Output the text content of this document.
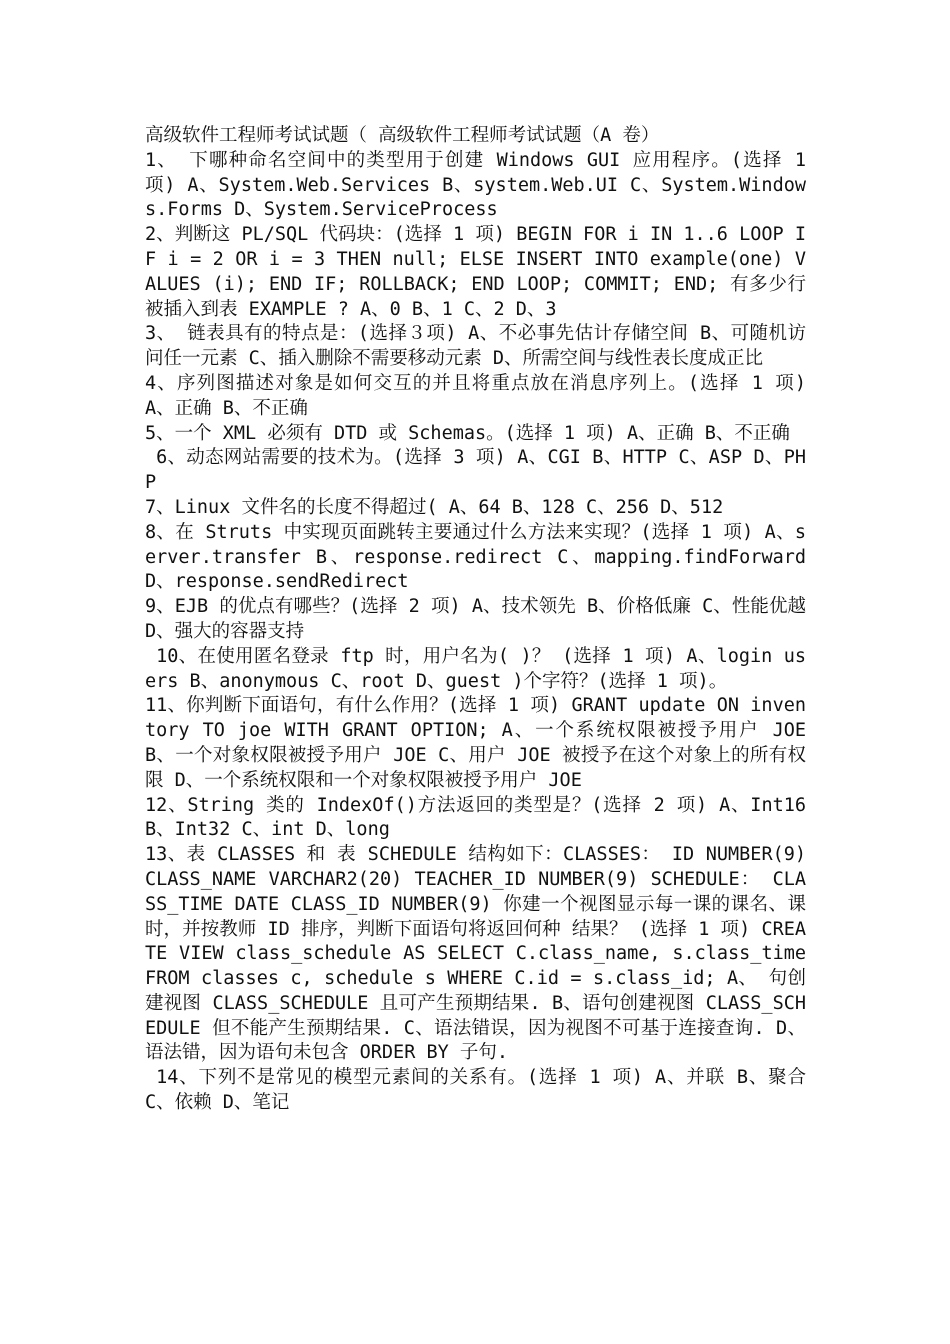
高级软件工程师考试试题（ 高级软件工程师考试试题（A 卷）

1、 下哪种命名空间中的类型用于创建 Windows GUI 应用程序。(选择 1 项) A、System.Web.Services B、system.Web.UI C、System.Windows.Forms D、System.ServiceProcess

2、判断这 PL/SQL 代码块：(选择 1 项) BEGIN FOR i IN 1..6 LOOP IF i = 2 OR i = 3 THEN null; ELSE INSERT INTO example(one) VALUES (i); END IF; ROLLBACK; END LOOP; COMMIT; END; 有多少行被插入到表 EXAMPLE ? A、0 B、1 C、2 D、3

3、 链表具有的特点是：(选择３项) A、不必事先估计存储空间 B、可随机访问任一元素 C、插入删除不需要移动元素 D、所需空间与线性表长度成正比

4、序列图描述对象是如何交互的并且将重点放在消息序列上。(选择 1 项) A、正确 B、不正确

5、一个 XML 必须有 DTD 或 Schemas。(选择 1 项) A、正确 B、不正确

6、动态网站需要的技术为。(选择 3 项) A、CGI B、HTTP C、ASP D、PHP

7、Linux 文件名的长度不得超过( A、64 B、128 C、256 D、512

8、在 Struts 中实现页面跳转主要通过什么方法来实现？(选择 1 项) A、server.transfer B、response.redirect C、mapping.findForward D、response.sendRedirect

9、EJB 的优点有哪些？(选择 2 项) A、技术领先 B、价格低廉 C、性能优越 D、强大的容器支持

10、在使用匿名登录 ftp 时，用户名为( )？ (选择 1 项) A、login users B、anonymous C、root D、guest )个字符？(选择 1 项)。

11、你判断下面语句，有什么作用？(选择 1 项) GRANT update ON inventory TO joe WITH GRANT OPTION; A、一个系统权限被授予用户 JOE B、一个对象权限被授予用户 JOE C、用户 JOE 被授予在这个对象上的所有权限 D、一个系统权限和一个对象权限被授予用户 JOE

12、String 类的 IndexOf()方法返回的类型是？(选择 2 项) A、Int16 B、Int32 C、int D、long

13、表 CLASSES 和 表 SCHEDULE 结构如下：CLASSES： ID NUMBER(9) CLASS_NAME VARCHAR2(20) TEACHER_ID NUMBER(9) SCHEDULE： CLASS_TIME DATE CLASS_ID NUMBER(9) 你建一个视图显示每一课的课名、课时，并按教师 ID 排序，判断下面语句将返回何种 结果？ (选择 1 项) CREATE VIEW class_schedule AS SELECT C.class_name, s.class_time FROM classes c, schedule s WHERE C.id = s.class_id; A、 句创建视图 CLASS_SCHEDULE 且可产生预期结果. B、语句创建视图 CLASS_SCHEDULE 但不能产生预期结果. C、语法错误，因为视图不可基于连接查询. D、语法错，因为语句未包含 ORDER BY 子句.

14、下列不是常见的模型元素间的关系有。(选择 1 项) A、并联 B、聚合 C、依赖 D、笔记
